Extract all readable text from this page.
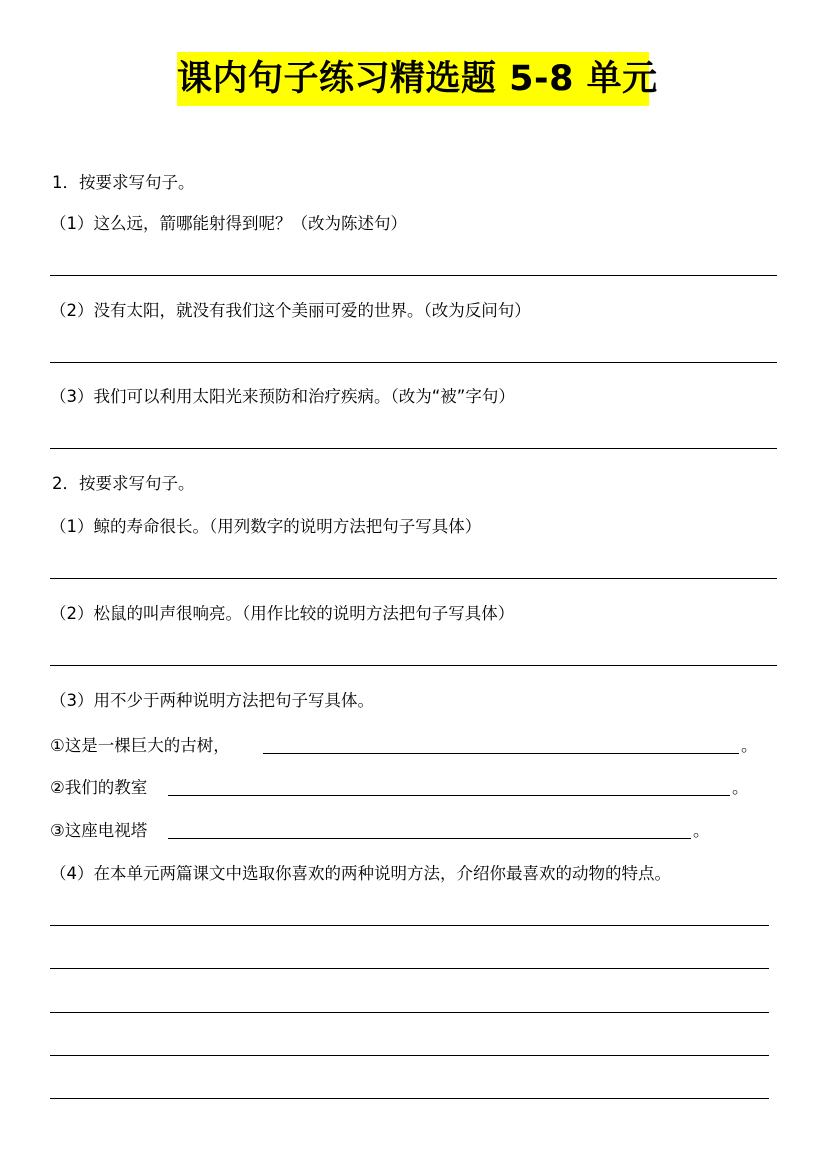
课内句子练习精选题 5-8 单元
1．按要求写句子。
（1）这么远，箭哪能射得到呢？（改为陈述句）
（2）没有太阳，就没有我们这个美丽可爱的世界。（改为反问句）
（3）我们可以利用太阳光来预防和治疗疾病。（改为“被”字句）
2．按要求写句子。
（1）鲸的寿命很长。（用列数字的说明方法把句子写具体）
（2）松鼠的叫声很响亮。（用作比较的说明方法把句子写具体）
（3）用不少于两种说明方法把句子写具体。
①这是一棵巨大的古树，	。
②我们的教室	。
③这座电视塔	。
（4）在本单元两篇课文中选取你喜欢的两种说明方法，介绍你最喜欢的动物的特点。
